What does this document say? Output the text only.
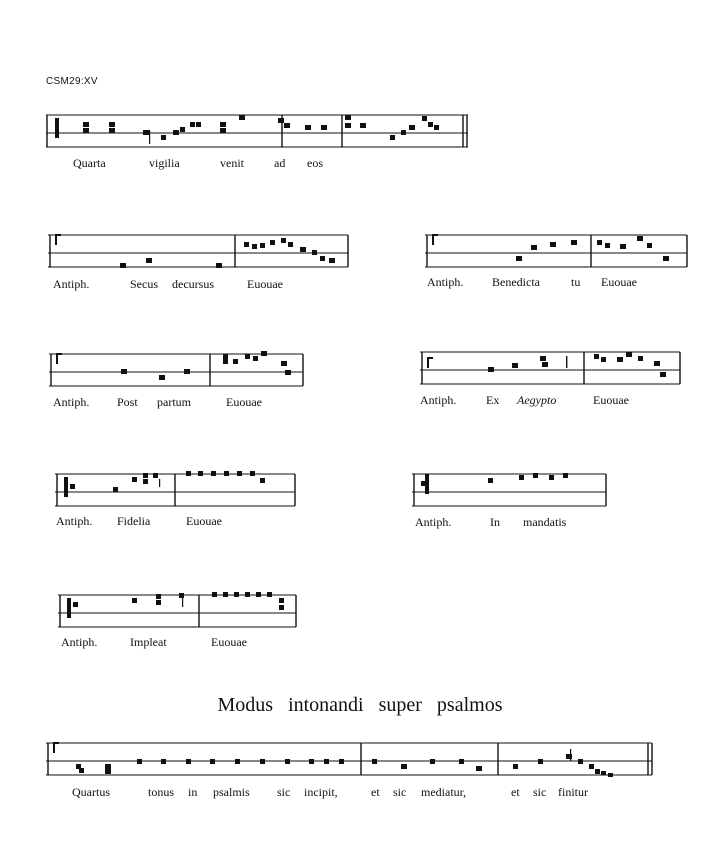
CSM29:XV
Quarta	vigilia	venit	ad eos
Antiph.	Secus decursus	Euouae	Antiph. Benedicta	tu Euouae
Antiph. Post partum	Euouae	Antiph. Ex Aegypto	Euouae
Antiph. Fidelia	Euouae	Antiph.	In mandatis
Antiph.	Impleat	Euouae
Modus intonandi super psalmos
Quartus	tonus in psalmis sic incipit,	et sic mediatur,	et sic finitur
